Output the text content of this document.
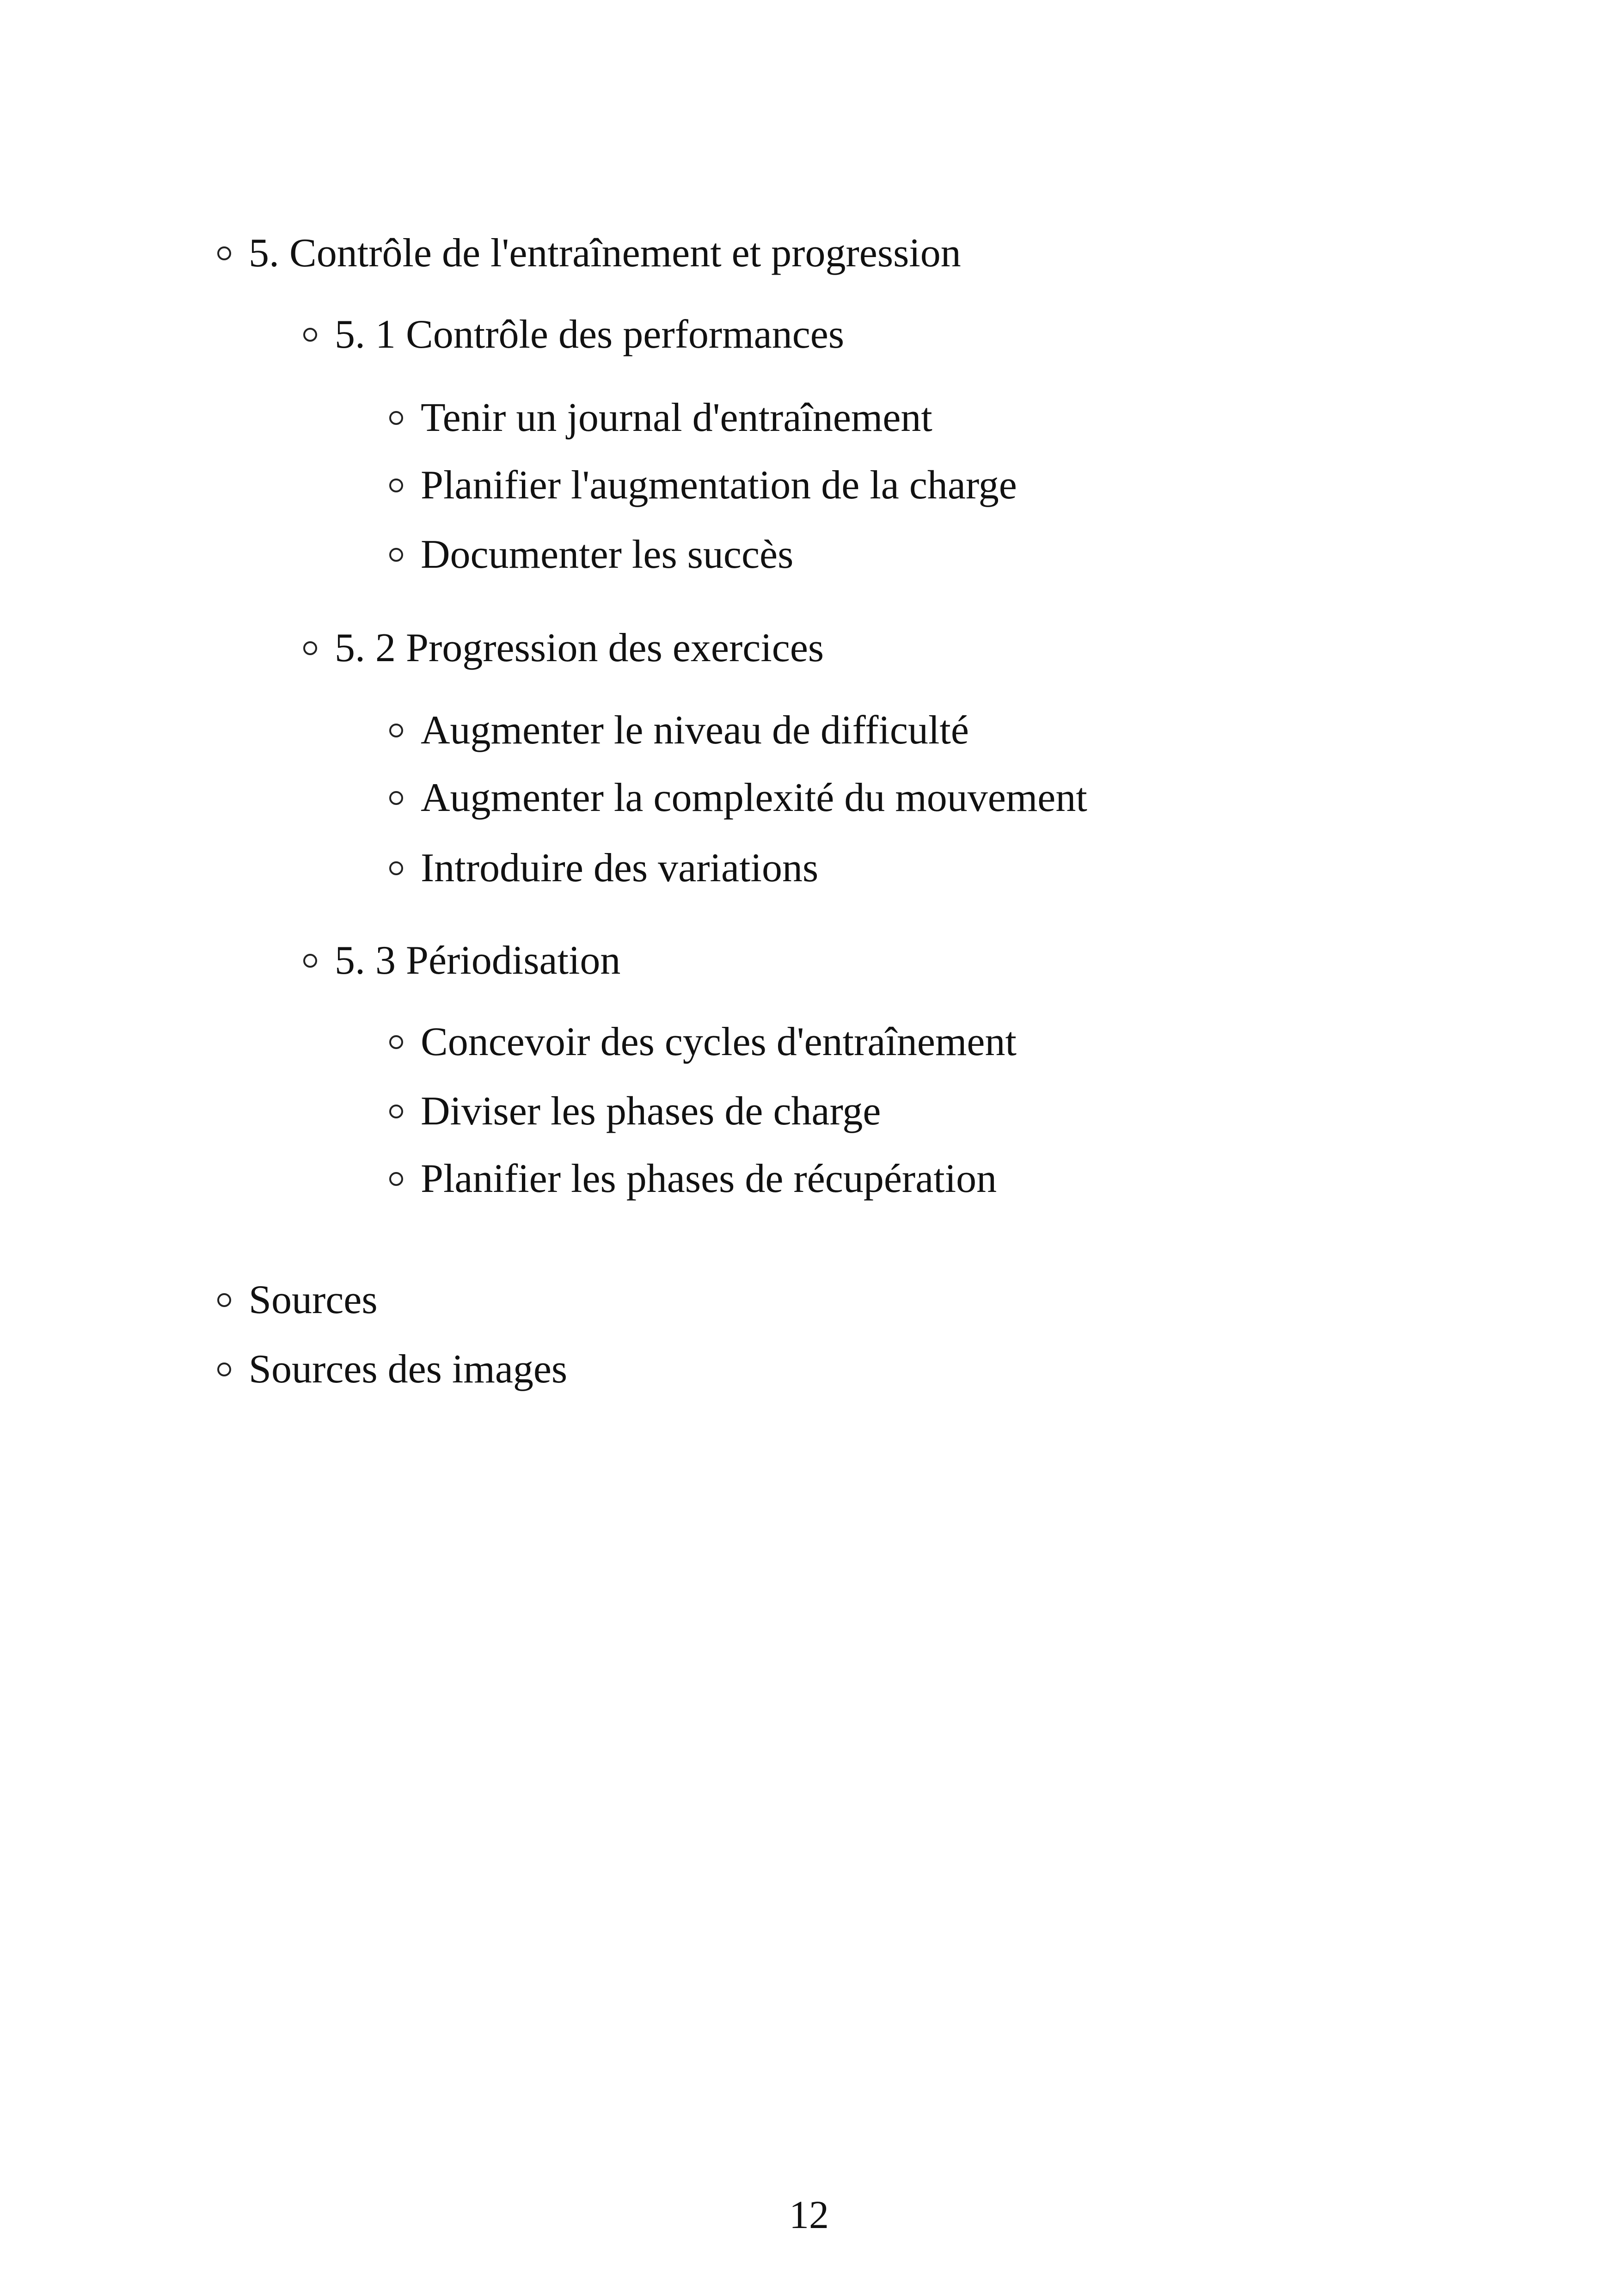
5. Contrôle de l'entraînement et progression
5. 1 Contrôle des performances
Tenir un journal d'entraînement
Planifier l'augmentation de la charge
Documenter les succès
5. 2 Progression des exercices
Augmenter le niveau de difficulté
Augmenter la complexité du mouvement
Introduire des variations
5. 3 Périodisation
Concevoir des cycles d'entraînement
Diviser les phases de charge
Planifier les phases de récupération
Sources
Sources des images
12
